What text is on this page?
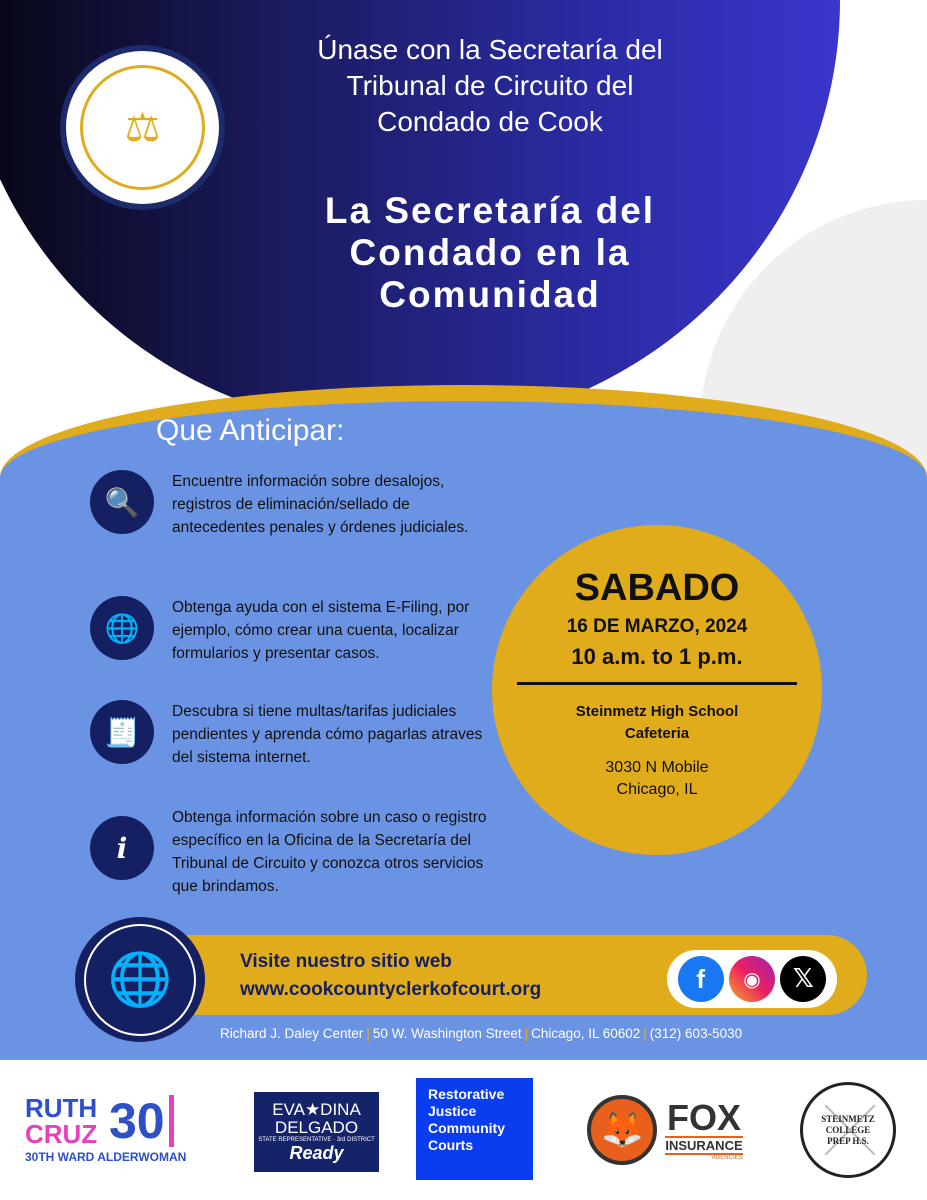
⚖
Únase con la Secretaría del
Tribunal de Circuito del
Condado de Cook
La Secretaría del
Condado en la
Comunidad
Que Anticipar:
🔍

Encuentre información sobre desalojos, registros de eliminación/sellado de antecedentes penales y órdenes judiciales.

🌐

Obtenga ayuda con el sistema E-Filing, por ejemplo, cómo crear una cuenta, localizar formularios y presentar casos.

🧾

Descubra si tiene multas/tarifas judiciales pendientes y aprenda cómo pagarlas atraves del sistema internet.

i

Obtenga información sobre un caso o registro específico en la Oficina de la Secretaría del Tribunal de Circuito y conozca otros servicios que brindamos.

SABADO
16 DE MARZO, 2024
10 a.m. to 1 p.m.
Steinmetz High School
Cafeteria
3030 N Mobile
Chicago, IL
🌐	Visite nuestro sitio web
www.cookcountyclerkofcourt.org	f	◉	𝕏
Richard J. Daley Center | 50 W. Washington Street | Chicago, IL 60602 | (312) 603-5030
RUTH CRUZ 30
30TH WARD ALDERWOMAN
EVA★DINA
DELGADO
STATE REPRESENTATIVE · 3rd DISTRICT
Ready
Restorative Justice Community Courts	🦊 FOX
INSURANCE
AGENCIES
STEINMETZ COLLEGE PREP H.S.
